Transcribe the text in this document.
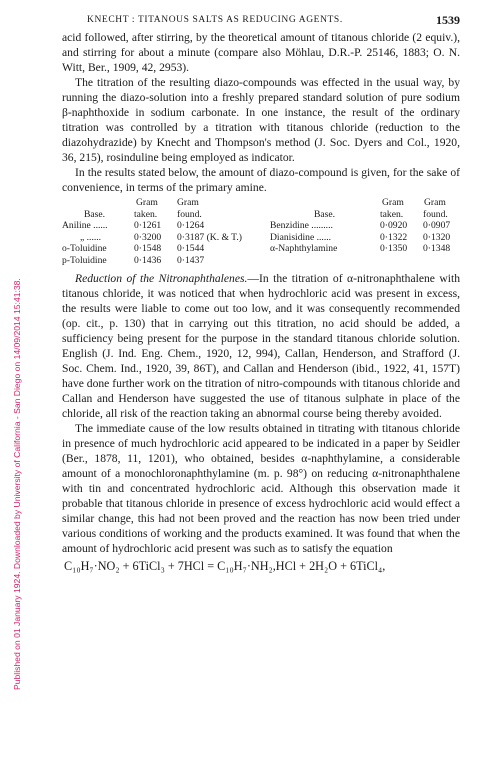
Published on 01 January 1924. Downloaded by University of California - San Diego on 14/09/2014 15:41:38.
KNECHT : TITANOUS SALTS AS REDUCING AGENTS.	1539

acid followed, after stirring, by the theoretical amount of titanous chloride (2 equiv.), and stirring for about a minute (compare also Möhlau, D.R.-P. 25146, 1883; O. N. Witt, Ber., 1909, 42, 2953).

The titration of the resulting diazo-compounds was effected in the usual way, by running the diazo-solution into a freshly prepared standard solution of pure sodium β-naphthoxide in sodium carbonate. In one instance, the result of the ordinary titration was controlled by a titration with titanous chloride (reduction to the diazohydrazide) by Knecht and Thompson's method (J. Soc. Dyers and Col., 1920, 36, 215), rosinduline being employed as indicator.

In the results stated below, the amount of diazo-compound is given, for the sake of convenience, in terms of the primary amine.

Gram Gram	Gram Gram
Base.	taken. found.	Base.	taken. found.
Aniline ......	0·1261 0·1264	Benzidine .........	0·0920 0·0907
„ ......	0·3200 0·3187 (K. & T.)	Dianisidine ......	0·1322 0·1320
o-Toluidine	0·1548 0·1544	α-Naphthylamine	0·1350 0·1348
p-Toluidine	0·1436 0·1437

Reduction of the Nitronaphthalenes.—In the titration of α-nitronaphthalene with titanous chloride, it was noticed that when hydrochloric acid was present in excess, the results were liable to come out too low, and it was consequently recommended (op. cit., p. 130) that in carrying out this titration, no acid should be added, a sufficiency being present for the purpose in the standard titanous chloride solution. English (J. Ind. Eng. Chem., 1920, 12, 994), Callan, Henderson, and Strafford (J. Soc. Chem. Ind., 1920, 39, 86T), and Callan and Henderson (ibid., 1922, 41, 157T) have done further work on the titration of nitro-compounds with titanous chloride and Callan and Henderson have suggested the use of titanous sulphate in place of the chloride, all risk of the reaction taking an abnormal course being thereby avoided.

The immediate cause of the low results obtained in titrating with titanous chloride in presence of much hydrochloric acid appeared to be indicated in a paper by Seidler (Ber., 1878, 11, 1201), who obtained, besides α-naphthylamine, a considerable amount of a monochloronaphthylamine (m. p. 98°) on reducing α-nitronaphthalene with tin and concentrated hydrochloric acid. Although this observation made it probable that titanous chloride in presence of excess hydrochloric acid would effect a similar change, this had not been proved and the reaction has now been tried under various conditions of working and the products examined. It was found that when the amount of hydrochloric acid present was such as to satisfy the equation

C₁₀H₇·NO₂ + 6TiCl₃ + 7HCl = C₁₀H₇·NH₂,HCl + 2H₂O + 6TiCl₄,
